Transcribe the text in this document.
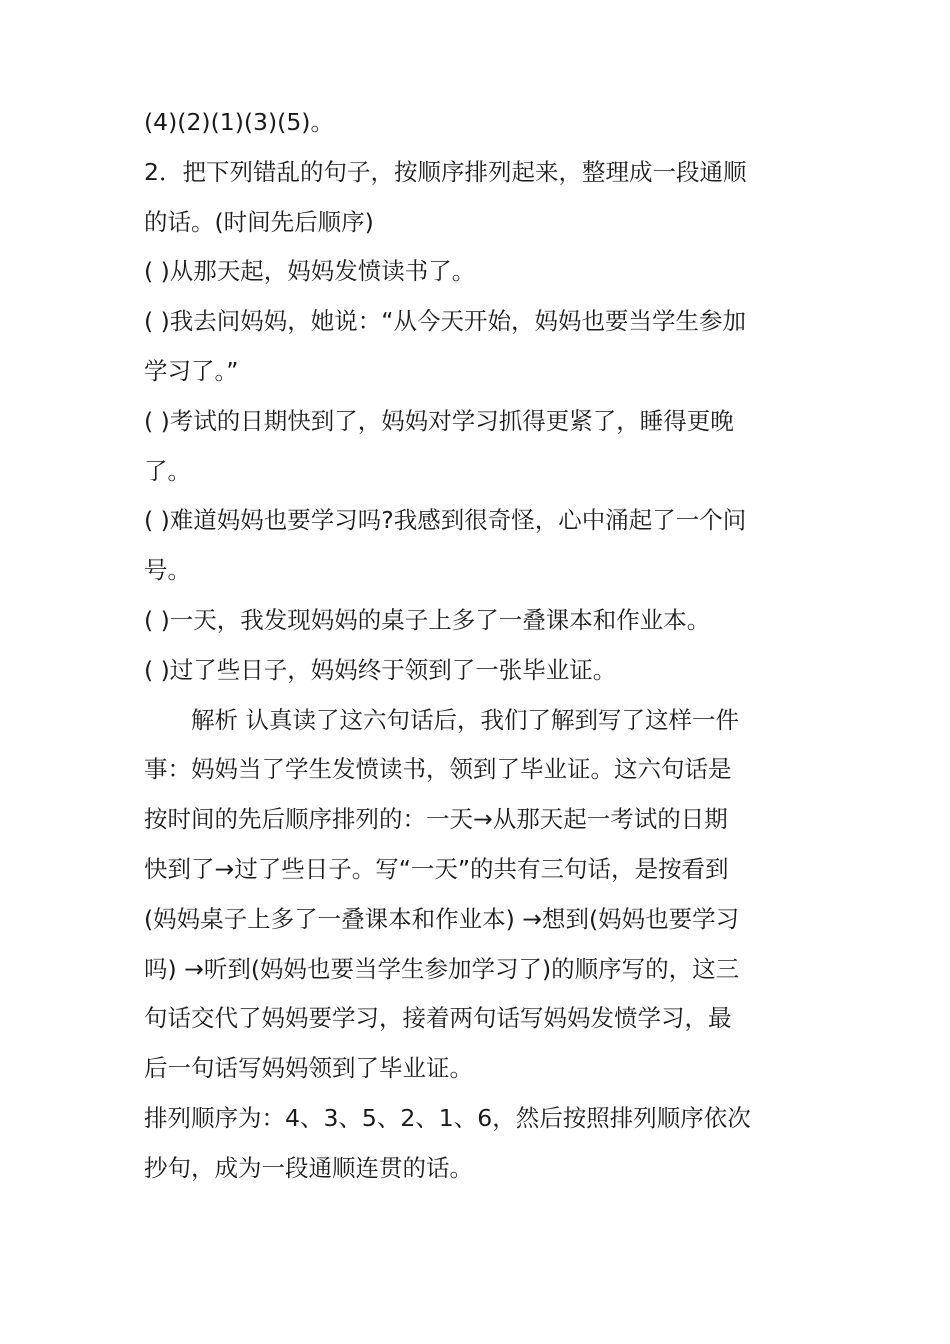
(4)(2)(1)(3)(5)。
2．把下列错乱的句子，按顺序排列起来，整理成一段通顺
的话。(时间先后顺序)
( )从那天起，妈妈发愤读书了。
( )我去问妈妈，她说：“从今天开始，妈妈也要当学生参加
学习了。”
( )考试的日期快到了，妈妈对学习抓得更紧了，睡得更晚
了。
( )难道妈妈也要学习吗?我感到很奇怪，心中涌起了一个问
号。
( )一天，我发现妈妈的桌子上多了一叠课本和作业本。
( )过了些日子，妈妈终于领到了一张毕业证。
解析 认真读了这六句话后，我们了解到写了这样一件
事：妈妈当了学生发愤读书，领到了毕业证。这六句话是
按时间的先后顺序排列的：一天→从那天起一考试的日期
快到了→过了些日子。写“一天”的共有三句话，是按看到
(妈妈桌子上多了一叠课本和作业本) →想到(妈妈也要学习
吗) →听到(妈妈也要当学生参加学习了)的顺序写的，这三
句话交代了妈妈要学习，接着两句话写妈妈发愤学习，最
后一句话写妈妈领到了毕业证。
排列顺序为：4、3、5、2、1、6，然后按照排列顺序依次
抄句，成为一段通顺连贯的话。
